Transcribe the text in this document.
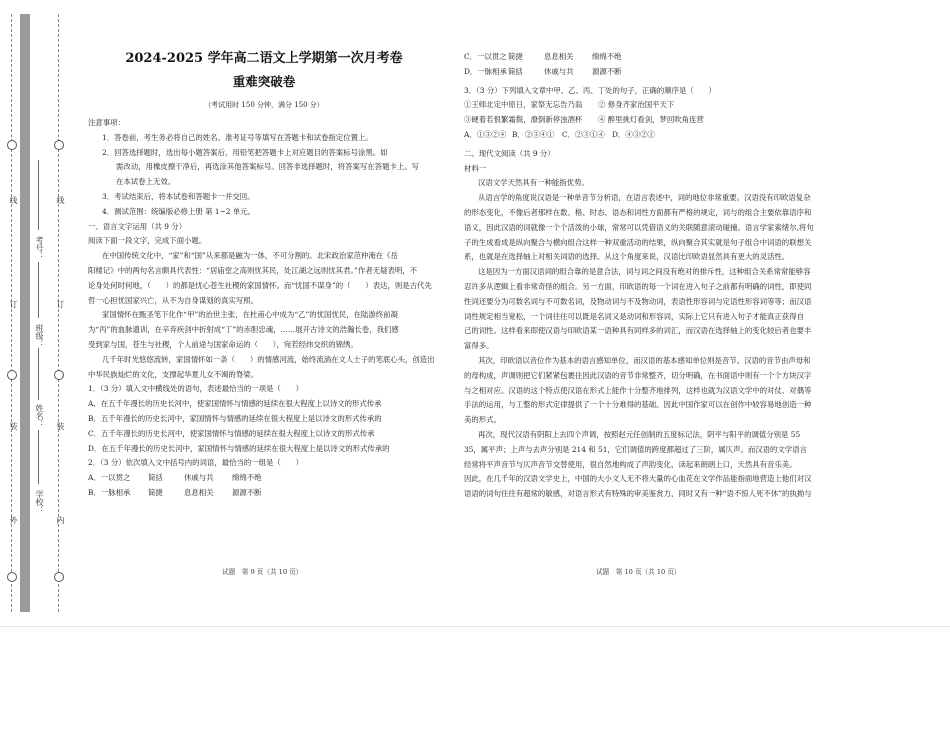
线
订
装
外
线
订
装
内
学校：
姓名：
班级：
考号：

2024-2025 学年高二语文上学期第一次月考卷

重难突破卷

（考试用时 150 分钟，满分 150 分）

注意事项：

1．答卷前，考生务必将自己的姓名、准考证号等填写在答题卡和试卷指定位置上。

2．回答选择题时，选出每小题答案后，用铅笔把答题卡上对应题目的答案标号涂黑。如

需改动，用橡皮擦干净后，再选涂其他答案标号。回答非选择题时，将答案写在答题卡上。写

在本试卷上无效。

3．考试结束后，将本试卷和答题卡一并交回。

4．测试范围：统编版必修上册 第 1~2 单元。

一、语言文字运用（共 9 分）

阅读下面一段文字，完成下面小题。

在中国传统文化中，“家”和“国”从来都是融为一体，不可分割的。北宋政治家范仲淹在《岳

阳楼记》中的两句名言颇具代表性：“居庙堂之高则忧其民，处江湖之远则忧其君。”作者无疑表明，不

论身处何时何地，（　　）的都是忧心苍生社稷的家国情怀。而“忧国不谋身”的（　　）表达，则是古代先

哲一心担忧国家兴亡，从不为自身谋划的真实写照。

家国情怀在甄圣笔下化作“甲”的治世主张，在杜甫心中成为“乙”的忧国忧民，在陆游终前凝

为“丙”的血脉遗训，在辛弃疾剑中折射成“丁”的赤胆忠魂，……展开古诗文的浩瀚长卷，我们感

受到家与国，苍生与社稷，个人前途与国家命运的（　　），宛若经纬交织的锦绣。

几千年时光悠悠流转，家国情怀如一条（　　）的情感河流，始终流淌在文人士子的笔底心头，创造出

中华民族灿烂的文化，支撑起华夏儿女不竭的脊梁。

1．（3 分）填入文中横线处的语句，表述最恰当的一项是（　　）

A．在五千年漫长的历史长河中，使家国情怀与情感的延续在很大程度上以诗文的形式传承

B．五千年漫长的历史长河中，家国情怀与情感的延续在很大程度上是以诗文的形式传承的

C．五千年漫长的历史长河中，使家国情怀与情感的延续在很大程度上以诗文的形式传承

D．在五千年漫长的历史长河中，家国情怀与情感的延续在很大程度上是以诗文的形式传承的

2．（3 分）依次填入文中括号内的词语，最恰当的一组是（　　）

A．一以贯之	简括	休戚与共	绵绵不绝
B．一脉相承	简捷	息息相关	源源不断
C．一以贯之 简捷	息息相关	绵绵不绝
D．一脉相承 简括	休戚与共	源源不断

3．（3 分）下列填入文章中甲、乙、丙、丁处的句子，正确的顺序是（　　）

①王师北定中原日，家祭无忘告乃翁	② 修身齐家治国平天下
③硬着若恨繁霜鬓，潦倒新停浊酒杯	④ 醉里挑灯看剑，梦回吹角连营
A．①③②④ B．②③④①	C．②③①④ D．④③②①

二、现代文阅读（共 9 分）

材料一

汉语文学天然具有一种能指优势。

从语言学的角度说汉语是一种单音节分析语，在语言表述中，词的地位非常重要。汉语没有印欧语复杂

的形态变化，不像后者那样在数、格、时态、语态和词性方面都有严格的规定，词与的组合主要依靠语序和

语义，因此汉语的词就像一个个活泼的小球，常常可以凭借语义的关联随意滚动碰撞。语言学家索绪尔,将句

子的生成看成是纵向聚合与横向组合这样一种双重活动的结果，纵向聚合其实就是句子组合中词语的联想关

系，也就是在选择轴上对相关词语的选择。从这个角度来说，汉语比印欧语显然具有更大的灵活性。

这是因为一方面汉语词的组合靠的是意合法，词与词之间没有绝对的排斥性，这种组合关系常常能够容

忍许多从逻辑上看非常奇怪的组合。另一方面，印欧语的每一个词在进入句子之前都有明确的词性，即使同

性词还要分为可数名词与不可数名词，及物动词与不及物动词，表语性形容词与定语性形容词等等；而汉语

词性规定相当宽松，一个词往往可以既是名词又是动词和形容词，实际上它只有进入句子才能真正获得自

己的词性。这样看来即使汉语与印欧语某一语种具有同样多的词汇，而汉语在选择轴上的变化较后者也要丰

富得多。

其次，印欧语以音位作为基本的语言感知单位，而汉语的基本感知单位则是音节。汉语的音节由声母和

的母构成，声调则把它们紧紧包裹住因此汉语的音节非常整齐，切分明确，在书面语中则有一个个方块汉字

与之相对应。汉语的这个特点使汉语在形式上能作十分整齐地排列，这样也就为汉语文学中的对仗、对偶等

手法的运用，与工整的形式定律提供了一个十分难得的基础。因此中国作家可以在创作中较容易地创造一种

美的形式。

再次，现代汉语有阴阳上去四个声调，按照赵元任创制的五度标记法，阴平与阳平的调值分别是 55

35，属平声；上声与去声分别是 214 和 51，它们调值的跨度都超过了三阶，属仄声。而汉语的文学语言

经常将平声音节与仄声音节交替使用，很自然地构成了声韵变化，读起来朗朗上口，天然具有音乐美。

因此，在几千年的汉语文学史上，中国的大小文人无不将大量的心血花在文学作品能指面地营造上他们对汉

语语的词句往往有超常的敏感，对语言形式有特殊的审美鉴赏力，同时又有一种“语不惊人死不休”的执拗与

试题　第 9 页（共 10 页）	试题　第 10 页（共 10 页）
